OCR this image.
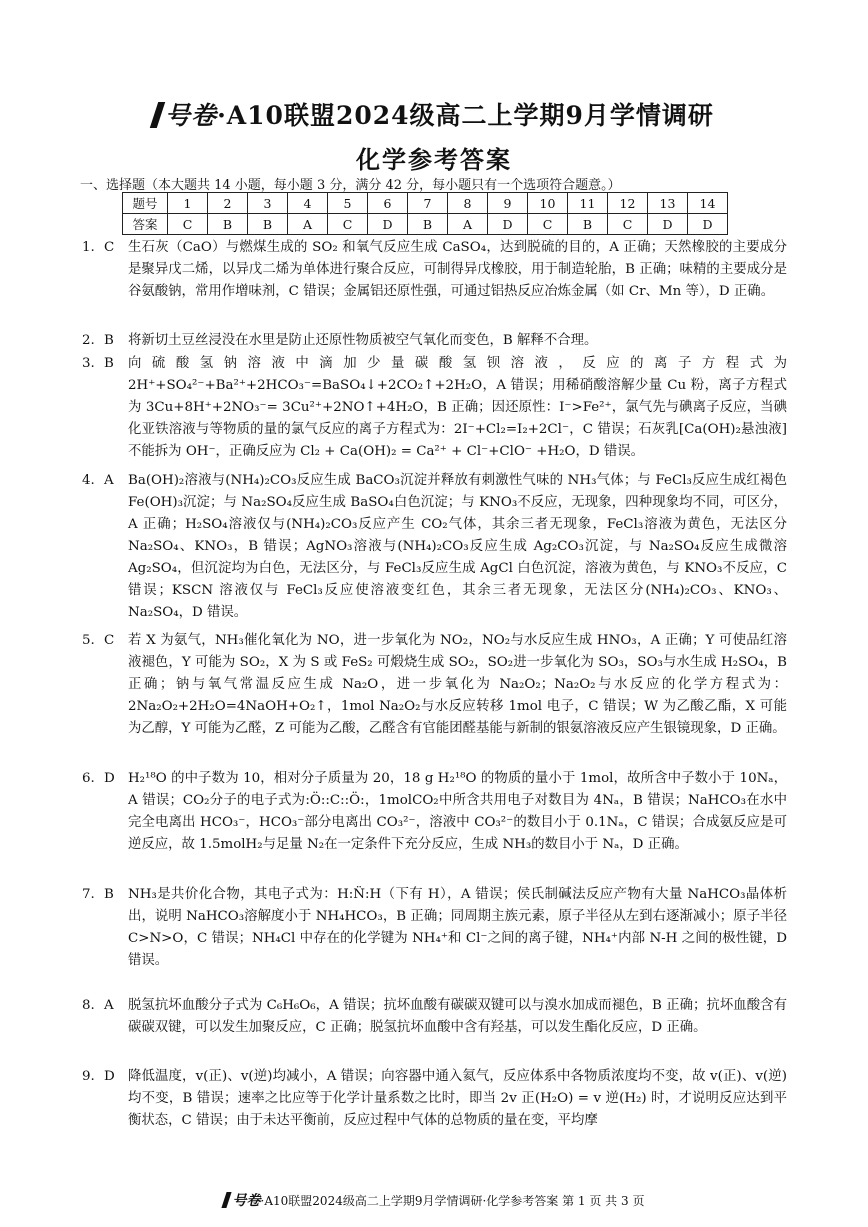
号卷·A10联盟2024级高二上学期9月学情调研
化学参考答案
一、选择题（本大题共 14 小题，每小题 3 分，满分 42 分，每小题只有一个选项符合题意。）
题号	1	2	3	4	5	6	7	8	9	10	11	12	13	14
答案	C	B	B	A	C	D	B	A	D	C	B	C	D	D
1. C 生石灰（CaO）与燃煤生成的 SO₂ 和氧气反应生成 CaSO₄，达到脱硫的目的，A 正确；天然橡胶的主要成分是聚异戊二烯，以异戊二烯为单体进行聚合反应，可制得异戊橡胶，用于制造轮胎，B 正确；味精的主要成分是谷氨酸钠，常用作增味剂，C 错误；金属铝还原性强，可通过铝热反应冶炼金属（如 Cr、Mn 等），D 正确。
2. B 将新切土豆丝浸没在水里是防止还原性物质被空气氧化而变色，B 解释不合理。
3. B 向硫酸氢钠溶液中滴加少量碳酸氢钡溶液，反应的离子方程式为 2H⁺+SO₄²⁻+Ba²⁺+2HCO₃⁻=BaSO₄↓+2CO₂↑+2H₂O，A 错误；用稀硝酸溶解少量 Cu 粉，离子方程式为 3Cu+8H⁺+2NO₃⁻= 3Cu²⁺+2NO↑+4H₂O，B 正确；因还原性：I⁻>Fe²⁺，氯气先与碘离子反应，当碘化亚铁溶液与等物质的量的氯气反应的离子方程式为：2I⁻+Cl₂=I₂+2Cl⁻，C 错误；石灰乳[Ca(OH)₂悬浊液]不能拆为 OH⁻，正确反应为 Cl₂ + Ca(OH)₂ = Ca²⁺ + Cl⁻+ClO⁻ +H₂O，D 错误。
4. A Ba(OH)₂溶液与(NH₄)₂CO₃反应生成 BaCO₃沉淀并释放有刺激性气味的 NH₃气体；与 FeCl₃反应生成红褐色 Fe(OH)₃沉淀；与 Na₂SO₄反应生成 BaSO₄白色沉淀；与 KNO₃不反应，无现象，四种现象均不同，可区分，A 正确；H₂SO₄溶液仅与(NH₄)₂CO₃反应产生 CO₂气体，其余三者无现象，FeCl₃溶液为黄色，无法区分 Na₂SO₄、KNO₃，B 错误；AgNO₃溶液与(NH₄)₂CO₃反应生成 Ag₂CO₃沉淀，与 Na₂SO₄反应生成微溶 Ag₂SO₄，但沉淀均为白色，无法区分，与 FeCl₃反应生成 AgCl 白色沉淀，溶液为黄色，与 KNO₃不反应，C 错误；KSCN 溶液仅与 FeCl₃反应使溶液变红色，其余三者无现象，无法区分(NH₄)₂CO₃、KNO₃、Na₂SO₄，D 错误。
5. C 若 X 为氨气，NH₃催化氧化为 NO，进一步氧化为 NO₂，NO₂与水反应生成 HNO₃，A 正确；Y 可使品红溶液褪色，Y 可能为 SO₂，X 为 S 或 FeS₂ 可煅烧生成 SO₂，SO₂进一步氧化为 SO₃，SO₃与水生成 H₂SO₄，B 正确；钠与氧气常温反应生成 Na₂O，进一步氧化为 Na₂O₂；Na₂O₂与水反应的化学方程式为：2Na₂O₂+2H₂O=4NaOH+O₂↑，1mol Na₂O₂与水反应转移 1mol 电子，C 错误；W 为乙酸乙酯，X 可能为乙醇，Y 可能为乙醛，Z 可能为乙酸，乙醛含有官能团醛基能与新制的银氨溶液反应产生银镜现象，D 正确。
6. D H₂¹⁸O 的中子数为 10，相对分子质量为 20，18 g H₂¹⁸O 的物质的量小于 1mol，故所含中子数小于 10Nₐ，A 错误；CO₂分子的电子式为:Ö::C::Ö:，1molCO₂中所含共用电子对数目为 4Nₐ，B 错误；NaHCO₃在水中完全电离出 HCO₃⁻，HCO₃⁻部分电离出 CO₃²⁻，溶液中 CO₃²⁻的数目小于 0.1Nₐ，C 错误；合成氨反应是可逆反应，故 1.5molH₂与足量 N₂在一定条件下充分反应，生成 NH₃的数目小于 Nₐ，D 正确。
7. B NH₃是共价化合物，其电子式为：H:N̈:H（下有 H），A 错误；侯氏制碱法反应产物有大量 NaHCO₃晶体析出，说明 NaHCO₃溶解度小于 NH₄HCO₃，B 正确；同周期主族元素，原子半径从左到右逐渐减小；原子半径 C>N>O，C 错误；NH₄Cl 中存在的化学键为 NH₄⁺和 Cl⁻之间的离子键，NH₄⁺内部 N-H 之间的极性键，D 错误。
8. A 脱氢抗坏血酸分子式为 C₆H₆O₆，A 错误；抗坏血酸有碳碳双键可以与溴水加成而褪色，B 正确；抗坏血酸含有碳碳双键，可以发生加聚反应，C 正确；脱氢抗坏血酸中含有羟基，可以发生酯化反应，D 正确。
9. D 降低温度，v(正)、v(逆)均减小，A 错误；向容器中通入氦气，反应体系中各物质浓度均不变，故 v(正)、v(逆)均不变，B 错误；速率之比应等于化学计量系数之比时，即当 2v 正(H₂O) = v 逆(H₂) 时，才说明反应达到平衡状态，C 错误；由于未达平衡前，反应过程中气体的总物质的量在变，平均摩
号卷·A10联盟2024级高二上学期9月学情调研·化学参考答案 第 1 页 共 3 页
